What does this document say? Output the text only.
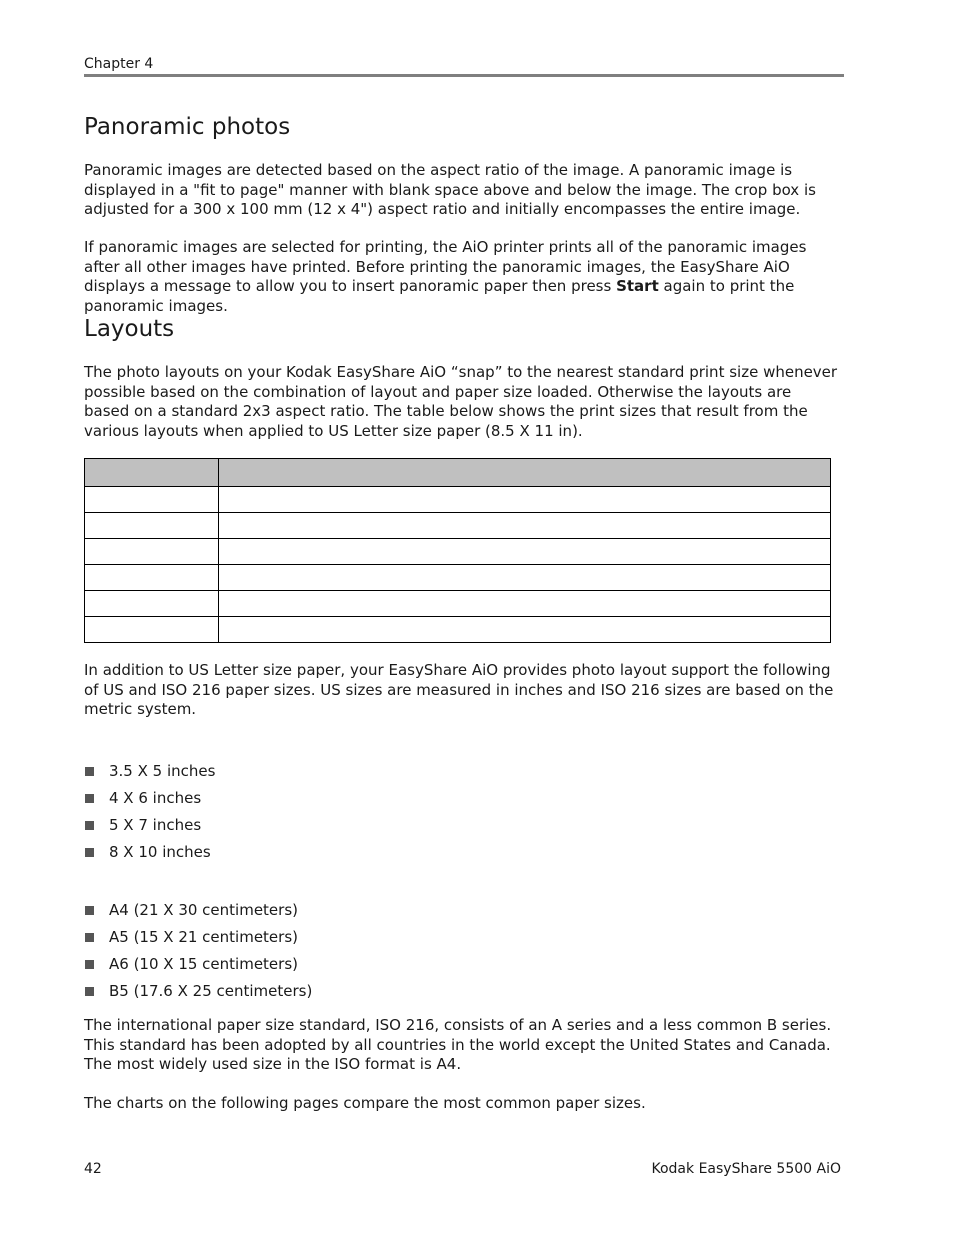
Chapter 4
Panoramic photos

Panoramic images are detected based on the aspect ratio of the image. A panoramic image is displayed in a "fit to page" manner with blank space above and below the image. The crop box is adjusted for a 300 x 100 mm (12 x 4") aspect ratio and initially encompasses the entire image.

If panoramic images are selected for printing, the AiO printer prints all of the panoramic images after all other images have printed. Before printing the panoramic images, the EasyShare AiO displays a message to allow you to insert panoramic paper then press Start again to print the panoramic images.

Layouts

The photo layouts on your Kodak EasyShare AiO “snap” to the nearest standard print size whenever possible based on the combination of layout and paper size loaded. Otherwise the layouts are based on a standard 2x3 aspect ratio. The table below shows the print sizes that result from the various layouts when applied to US Letter size paper (8.5 X 11 in).

In addition to US Letter size paper, your EasyShare AiO provides photo layout support the following of US and ISO 216 paper sizes. US sizes are measured in inches and ISO 216 sizes are based on the metric system.

3.5 X 5 inches
4 X 6 inches
5 X 7 inches
8 X 10 inches
A4 (21 X 30 centimeters)
A5 (15 X 21 centimeters)
A6 (10 X 15 centimeters)
B5 (17.6 X 25 centimeters)

The international paper size standard, ISO 216, consists of an A series and a less common B series. This standard has been adopted by all countries in the world except the United States and Canada. The most widely used size in the ISO format is A4.

The charts on the following pages compare the most common paper sizes.

42	Kodak EasyShare 5500 AiO
